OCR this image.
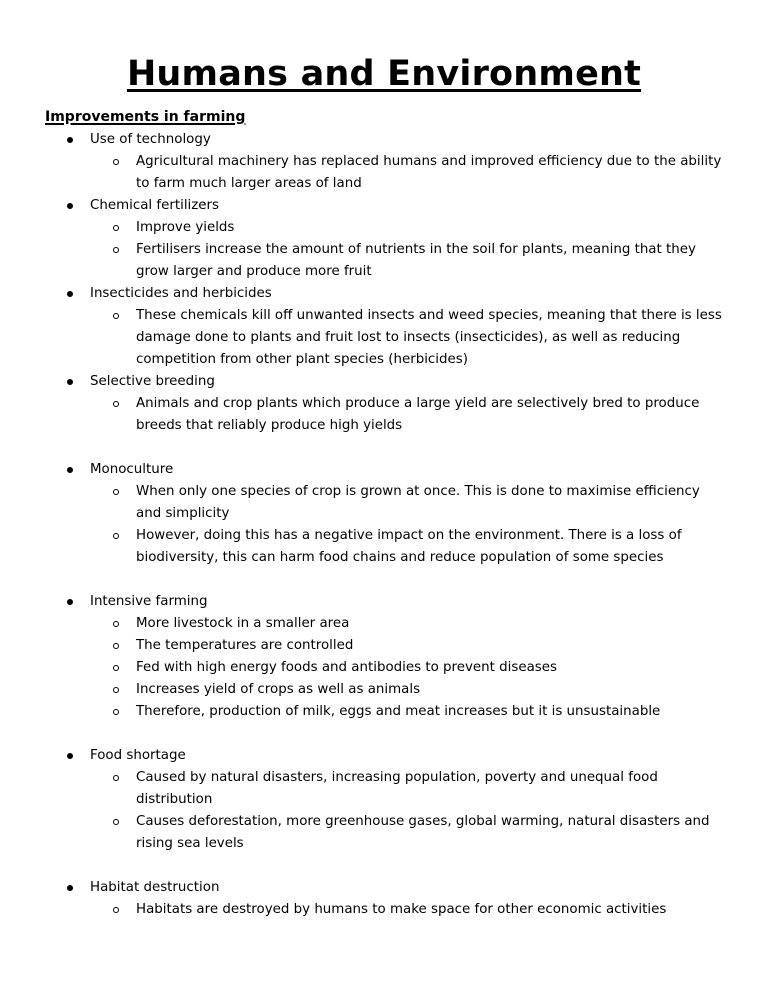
Humans and Environment
Improvements in farming
Use of technology
Agricultural machinery has replaced humans and improved efficiency due to the ability to farm much larger areas of land
Chemical fertilizers
Improve yields
Fertilisers increase the amount of nutrients in the soil for plants, meaning that they grow larger and produce more fruit
Insecticides and herbicides
These chemicals kill off unwanted insects and weed species, meaning that there is less damage done to plants and fruit lost to insects (insecticides), as well as reducing competition from other plant species (herbicides)
Selective breeding
Animals and crop plants which produce a large yield are selectively bred to produce breeds that reliably produce high yields
Monoculture
When only one species of crop is grown at once. This is done to maximise efficiency and simplicity
However, doing this has a negative impact on the environment. There is a loss of biodiversity, this can harm food chains and reduce population of some species
Intensive farming
More livestock in a smaller area
The temperatures are controlled
Fed with high energy foods and antibodies to prevent diseases
Increases yield of crops as well as animals
Therefore, production of milk, eggs and meat increases but it is unsustainable
Food shortage
Caused by natural disasters, increasing population, poverty and unequal food distribution
Causes deforestation, more greenhouse gases, global warming, natural disasters and rising sea levels
Habitat destruction
Habitats are destroyed by humans to make space for other economic activities
